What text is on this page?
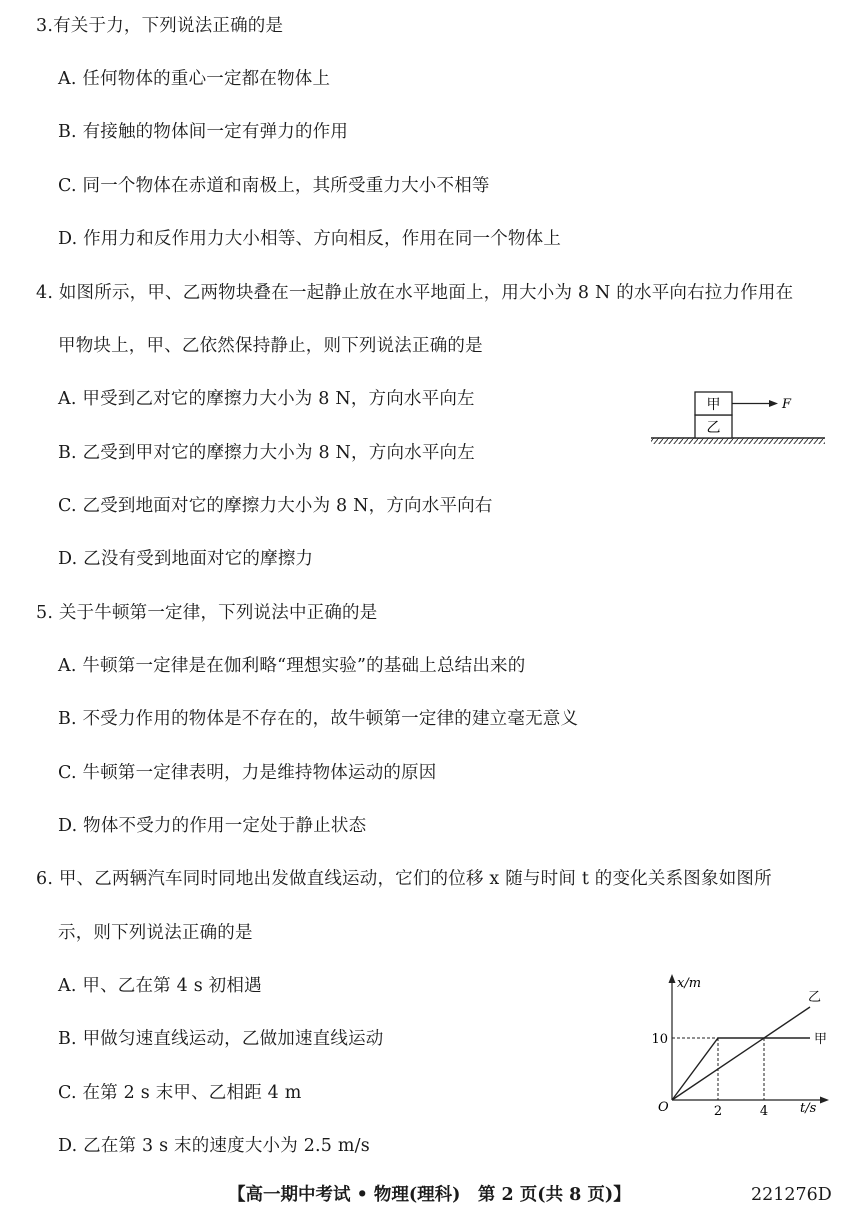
3.有关于力，下列说法正确的是
A. 任何物体的重心一定都在物体上
B. 有接触的物体间一定有弹力的作用
C. 同一个物体在赤道和南极上，其所受重力大小不相等
D. 作用力和反作用力大小相等、方向相反，作用在同一个物体上
4. 如图所示，甲、乙两物块叠在一起静止放在水平地面上，用大小为 8 N 的水平向右拉力作用在
甲物块上，甲、乙依然保持静止，则下列说法正确的是
A. 甲受到乙对它的摩擦力大小为 8 N，方向水平向左
B. 乙受到甲对它的摩擦力大小为 8 N，方向水平向左
C. 乙受到地面对它的摩擦力大小为 8 N，方向水平向右
D. 乙没有受到地面对它的摩擦力
甲
乙
F
5. 关于牛顿第一定律，下列说法中正确的是
A. 牛顿第一定律是在伽利略“理想实验”的基础上总结出来的
B. 不受力作用的物体是不存在的，故牛顿第一定律的建立毫无意义
C. 牛顿第一定律表明，力是维持物体运动的原因
D. 物体不受力的作用一定处于静止状态
6. 甲、乙两辆汽车同时同地出发做直线运动，它们的位移 x 随与时间 t 的变化关系图象如图所
示，则下列说法正确的是
A. 甲、乙在第 4 s 初相遇
B. 甲做匀速直线运动，乙做加速直线运动
C. 在第 2 s 末甲、乙相距 4 m
D. 乙在第 3 s 末的速度大小为 2.5 m/s
x/m
t/s
O
10
2	4
甲
乙
【高一期中考试 • 物理(理科)　第 2 页(共 8 页)】	221276D
